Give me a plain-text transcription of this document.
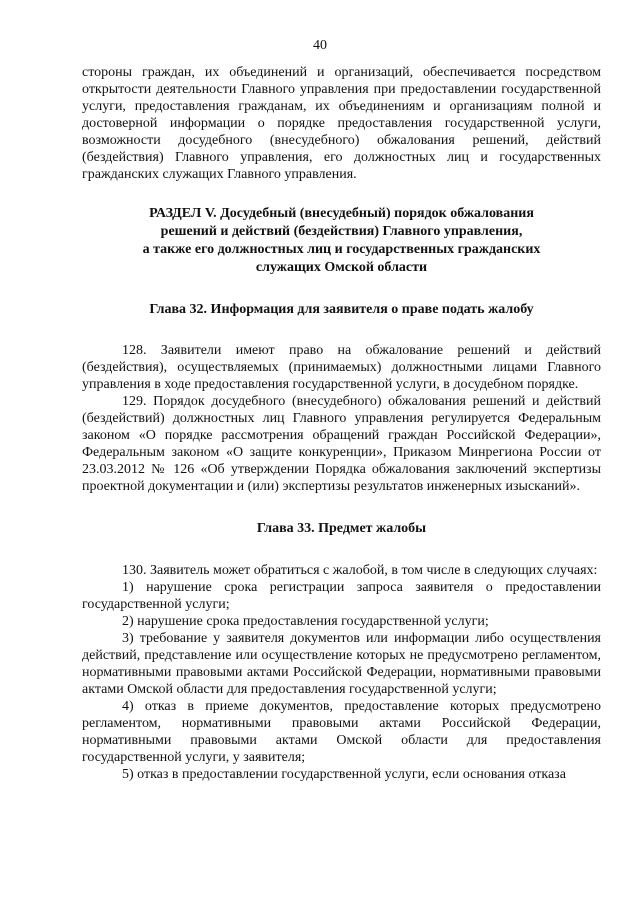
40

стороны граждан, их объединений и организаций, обеспечивается посредством открытости деятельности Главного управления при предоставлении государственной услуги, предоставления гражданам, их объединениям и организациям полной и достоверной информации о порядке предоставления государственной услуги, возможности досудебного (внесудебного) обжалования решений, действий (бездействия) Главного управления, его должностных лиц и государственных гражданских служащих Главного управления.

РАЗДЕЛ V. Досудебный (внесудебный) порядок обжалования
решений и действий (бездействия) Главного управления,
а также его должностных лиц и государственных гражданских
служащих Омской области
Глава 32. Информация для заявителя о праве подать жалобу

128. Заявители имеют право на обжалование решений и действий (бездействия), осуществляемых (принимаемых) должностными лицами Главного управления в ходе предоставления государственной услуги, в досудебном порядке.

129. Порядок досудебного (внесудебного) обжалования решений и действий (бездействий) должностных лиц Главного управления регулируется Федеральным законом «О порядке рассмотрения обращений граждан Российской Федерации», Федеральным законом «О защите конкуренции», Приказом Минрегиона России от 23.03.2012 № 126 «Об утверждении Порядка обжалования заключений экспертизы проектной документации и (или) экспертизы результатов инженерных изысканий».

Глава 33. Предмет жалобы

130. Заявитель может обратиться с жалобой, в том числе в следующих случаях:

1) нарушение срока регистрации запроса заявителя о предоставлении государственной услуги;

2) нарушение срока предоставления государственной услуги;

3) требование у заявителя документов или информации либо осуществления действий, представление или осуществление которых не предусмотрено регламентом, нормативными правовыми актами Российской Федерации, нормативными правовыми актами Омской области для предоставления государственной услуги;

4) отказ в приеме документов, предоставление которых предусмотрено регламентом, нормативными правовыми актами Российской Федерации, нормативными правовыми актами Омской области для предоставления государственной услуги, у заявителя;

5) отказ в предоставлении государственной услуги, если основания отказа
